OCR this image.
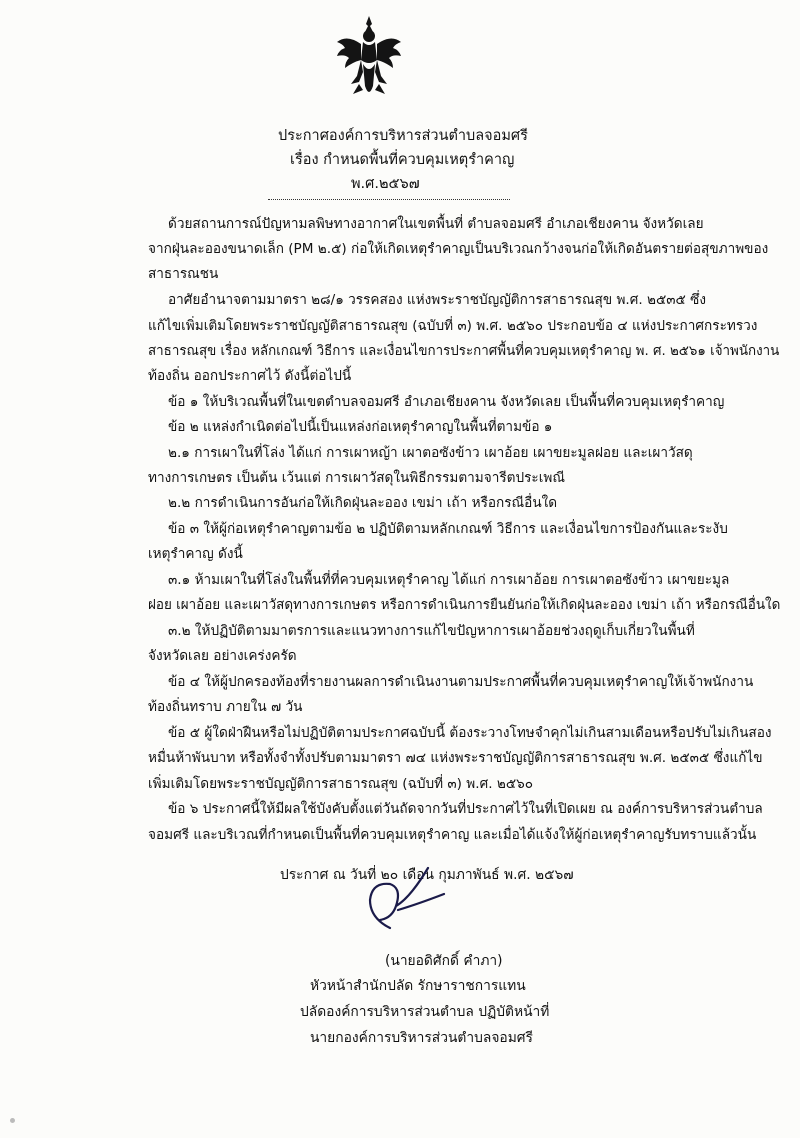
ประกาศองค์การบริหารส่วนตำบลจอมศรี
เรื่อง กำหนดพื้นที่ควบคุมเหตุรำคาญ
พ.ศ.๒๕๖๗
ด้วยสถานการณ์ปัญหามลพิษทางอากาศในเขตพื้นที่ ตำบลจอมศรี อำเภอเชียงคาน จังหวัดเลย
จากฝุ่นละอองขนาดเล็ก (PM ๒.๕) ก่อให้เกิดเหตุรำคาญเป็นบริเวณกว้างจนก่อให้เกิดอันตรายต่อสุขภาพของ
สาธารณชน
อาศัยอำนาจตามมาตรา ๒๘/๑ วรรคสอง แห่งพระราชบัญญัติการสาธารณสุข พ.ศ. ๒๕๓๕ ซึ่ง
แก้ไขเพิ่มเติมโดยพระราชบัญญัติสาธารณสุข (ฉบับที่ ๓) พ.ศ. ๒๕๖๐ ประกอบข้อ ๔ แห่งประกาศกระทรวง
สาธารณสุข เรื่อง หลักเกณฑ์ วิธีการ และเงื่อนไขการประกาศพื้นที่ควบคุมเหตุรำคาญ พ. ศ. ๒๕๖๑ เจ้าพนักงาน
ท้องถิ่น ออกประกาศไว้ ดังนี้ต่อไปนี้
ข้อ ๑ ให้บริเวณพื้นที่ในเขตตำบลจอมศรี อำเภอเชียงคาน จังหวัดเลย เป็นพื้นที่ควบคุมเหตุรำคาญ
ข้อ ๒ แหล่งกำเนิดต่อไปนี้เป็นแหล่งก่อเหตุรำคาญในพื้นที่ตามข้อ ๑
๒.๑ การเผาในที่โล่ง ได้แก่ การเผาหญ้า เผาตอซังข้าว เผาอ้อย เผาขยะมูลฝอย และเผาวัสดุ
ทางการเกษตร เป็นต้น เว้นแต่ การเผาวัสดุในพิธีกรรมตามจารีตประเพณี
๒.๒ การดำเนินการอันก่อให้เกิดฝุ่นละออง เขม่า เถ้า หรือกรณีอื่นใด
ข้อ ๓ ให้ผู้ก่อเหตุรำคาญตามข้อ ๒ ปฏิบัติตามหลักเกณฑ์ วิธีการ และเงื่อนไขการป้องกันและระงับ
เหตุรำคาญ ดังนี้
๓.๑ ห้ามเผาในที่โล่งในพื้นที่ที่ควบคุมเหตุรำคาญ ได้แก่ การเผาอ้อย การเผาตอซังข้าว เผาขยะมูล
ฝอย เผาอ้อย และเผาวัสดุทางการเกษตร หรือการดำเนินการยืนยันก่อให้เกิดฝุ่นละออง เขม่า เถ้า หรือกรณีอื่นใด
๓.๒ ให้ปฏิบัติตามมาตรการและแนวทางการแก้ไขปัญหาการเผาอ้อยช่วงฤดูเก็บเกี่ยวในพื้นที่
จังหวัดเลย อย่างเคร่งครัด
ข้อ ๔ ให้ผู้ปกครองท้องที่รายงานผลการดำเนินงานตามประกาศพื้นที่ควบคุมเหตุรำคาญให้เจ้าพนักงาน
ท้องถิ่นทราบ ภายใน ๗ วัน
ข้อ ๕ ผู้ใดฝ่าฝืนหรือไม่ปฏิบัติตามประกาศฉบับนี้ ต้องระวางโทษจำคุกไม่เกินสามเดือนหรือปรับไม่เกินสอง
หมื่นห้าพันบาท หรือทั้งจำทั้งปรับตามมาตรา ๗๔ แห่งพระราชบัญญัติการสาธารณสุข พ.ศ. ๒๕๓๕ ซึ่งแก้ไข
เพิ่มเติมโดยพระราชบัญญัติการสาธารณสุข (ฉบับที่ ๓) พ.ศ. ๒๕๖๐
ข้อ ๖ ประกาศนี้ให้มีผลใช้บังคับตั้งแต่วันถัดจากวันที่ประกาศไว้ในที่เปิดเผย ณ องค์การบริหารส่วนตำบล
จอมศรี และบริเวณที่กำหนดเป็นพื้นที่ควบคุมเหตุรำคาญ และเมื่อได้แจ้งให้ผู้ก่อเหตุรำคาญรับทราบแล้วนั้น
ประกาศ ณ วันที่ ๒๐ เดือน กุมภาพันธ์ พ.ศ. ๒๕๖๗
(นายอดิศักดิ์ คำภา)
หัวหน้าสำนักปลัด รักษาราชการแทน
ปลัดองค์การบริหารส่วนตำบล ปฏิบัติหน้าที่
นายกองค์การบริหารส่วนตำบลจอมศรี
